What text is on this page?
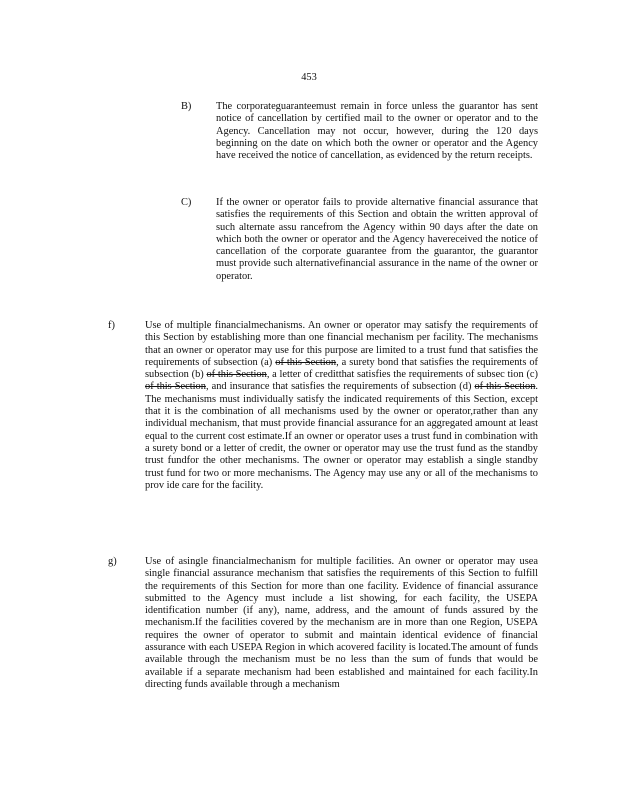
453
B) The corporateguaranteemust remain in force unless the guarantor has sent notice of cancellation by certified mail to the owner or operator and to the Agency. Cancellation may not occur, however, during the 120 days beginning on the date on which both the owner or operator and the Agency have received the notice of cancellation, as evidenced by the return receipts.
C) If the owner or operator fails to provide alternative financial assurance that satisfies the requirements of this Section and obtain the written approval of such alternate assu rancefrom the Agency within 90 days after the date on which both the owner or operator and the Agency havereceived the notice of cancellation of the corporate guarantee from the guarantor, the guarantor must provide such alternativefinancial assurance in the name of the owner or operator.
f)	Use of multiple financialmechanisms. An owner or operator may satisfy the requirements of this Section by establishing more than one financial mechanism per facility. The mechanisms that an owner or operator may use for this purpose are limited to a trust fund that satisfies the requirements of subsection (a) of this Section, a surety bond that satisfies the requirements of subsection (b) of this Section, a letter of creditthat satisfies the requirements of subsec tion (c) of this Section, and insurance that satisfies the requirements of subsection (d) of this Section. The mechanisms must individually satisfy the indicated requirements of this Section, except that it is the combination of all mechanisms used by the owner or operator,rather than any individual mechanism, that must provide financial assurance for an aggregated amount at least equal to the current cost estimate.If an owner or operator uses a trust fund in combination with a surety bond or a letter of credit, the owner or operator may use the trust fund as the standby trust fundfor the other mechanisms. The owner or operator may establish a single standby trust fund for two or more mechanisms. The Agency may use any or all of the mechanisms to prov ide care for the facility.
g)	Use of asingle financialmechanism for multiple facilities. An owner or operator may usea single financial assurance mechanism that satisfies the requirements of this Section to fulfill the requirements of this Section for more than one facility. Evidence of financial assurance submitted to the Agency must include a list showing, for each facility, the USEPA identification number (if any), name, address, and the amount of funds assured by the mechanism.If the facilities covered by the mechanism are in more than one Region, USEPA requires the owner of operator to submit and maintain identical evidence of financial assurance with each USEPA Region in which acovered facility is located.The amount of funds available through the mechanism must be no less than the sum of funds that would be available if a separate mechanism had been established and maintained for each facility.In directing funds available through a mechanism
